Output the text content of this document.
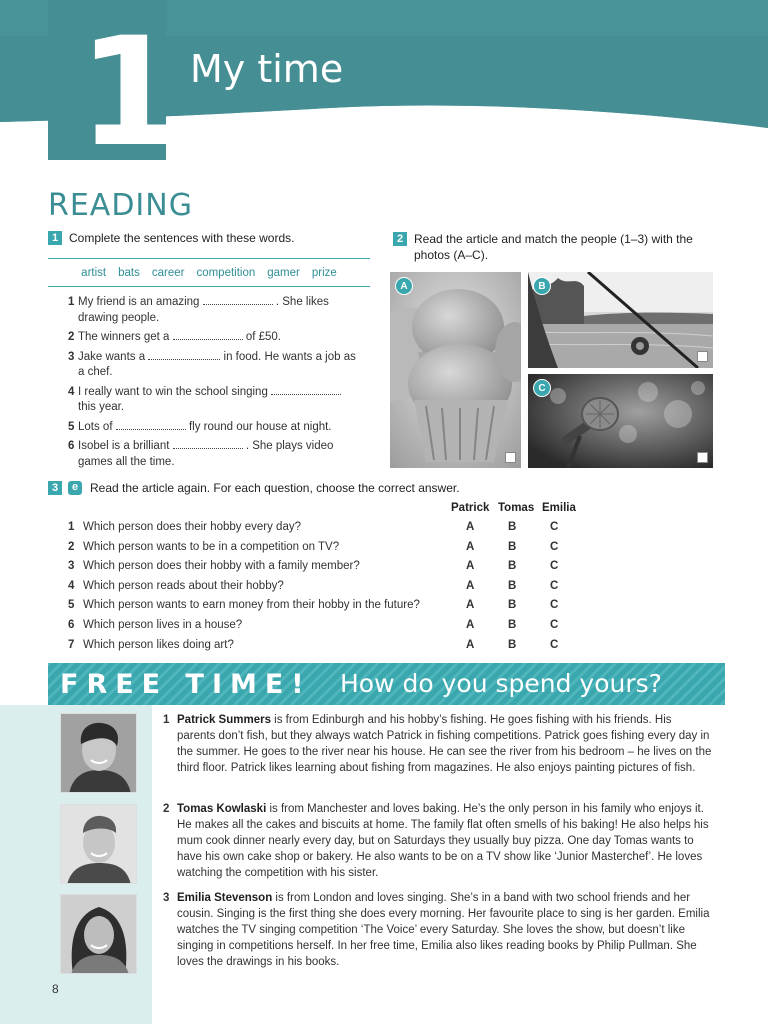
1 My time
READING
1 Complete the sentences with these words.
artist bats career competition gamer prize
1 My friend is an amazing	. She likes
drawing people.
2 The winners get a	of £50.
3 Jake wants a	in food. He wants a job as
a chef.
4 I really want to win the school singing
this year.
5 Lots of	fly round our house at night.
6 Isobel is a brilliant	. She plays video
games all the time.
2 Read the article and match the people (1–3) with the
photos (A–C).
A	B
C
3	e Read the article again. For each question, choose the correct answer.
Patrick Tomas Emilia
1 Which person does their hobby every day?	A	B	C
2 Which person wants to be in a competition on TV?	A	B	C
3 Which person does their hobby with a family member?	A	B	C
4 Which person reads about their hobby?	A	B	C
5 Which person wants to earn money from their hobby in the future?	A	B	C
6 Which person lives in a house?	A	B	C
7 Which person likes doing art?	A	B	C
FREE TIME! How do you spend yours?
1 Patrick Summers is from Edinburgh and his hobby’s fishing. He goes fishing with his friends. His parents don’t fish, but they always watch Patrick in fishing competitions. Patrick goes fishing every day in the summer. He goes to the river near his house. He can see the river from his bedroom – he lives on the third floor. Patrick likes learning about fishing from magazines. He also enjoys painting pictures of fish.
2 Tomas Kowlaski is from Manchester and loves baking. He’s the only person in his family who enjoys it. He makes all the cakes and biscuits at home. The family flat often smells of his baking! He also helps his mum cook dinner nearly every day, but on Saturdays they usually buy pizza. One day Tomas wants to have his own cake shop or bakery. He also wants to be on a TV show like ‘Junior Masterchef’. He loves watching the competition with his sister.
3 Emilia Stevenson is from London and loves singing. She’s in a band with two school friends and her cousin. Singing is the first thing she does every morning. Her favourite place to sing is her garden. Emilia watches the TV singing competition ‘The Voice’ every Saturday. She loves the show, but doesn’t like singing in competitions herself. In her free time, Emilia also likes reading books by Philip Pullman. She loves the drawings in his books.
8
